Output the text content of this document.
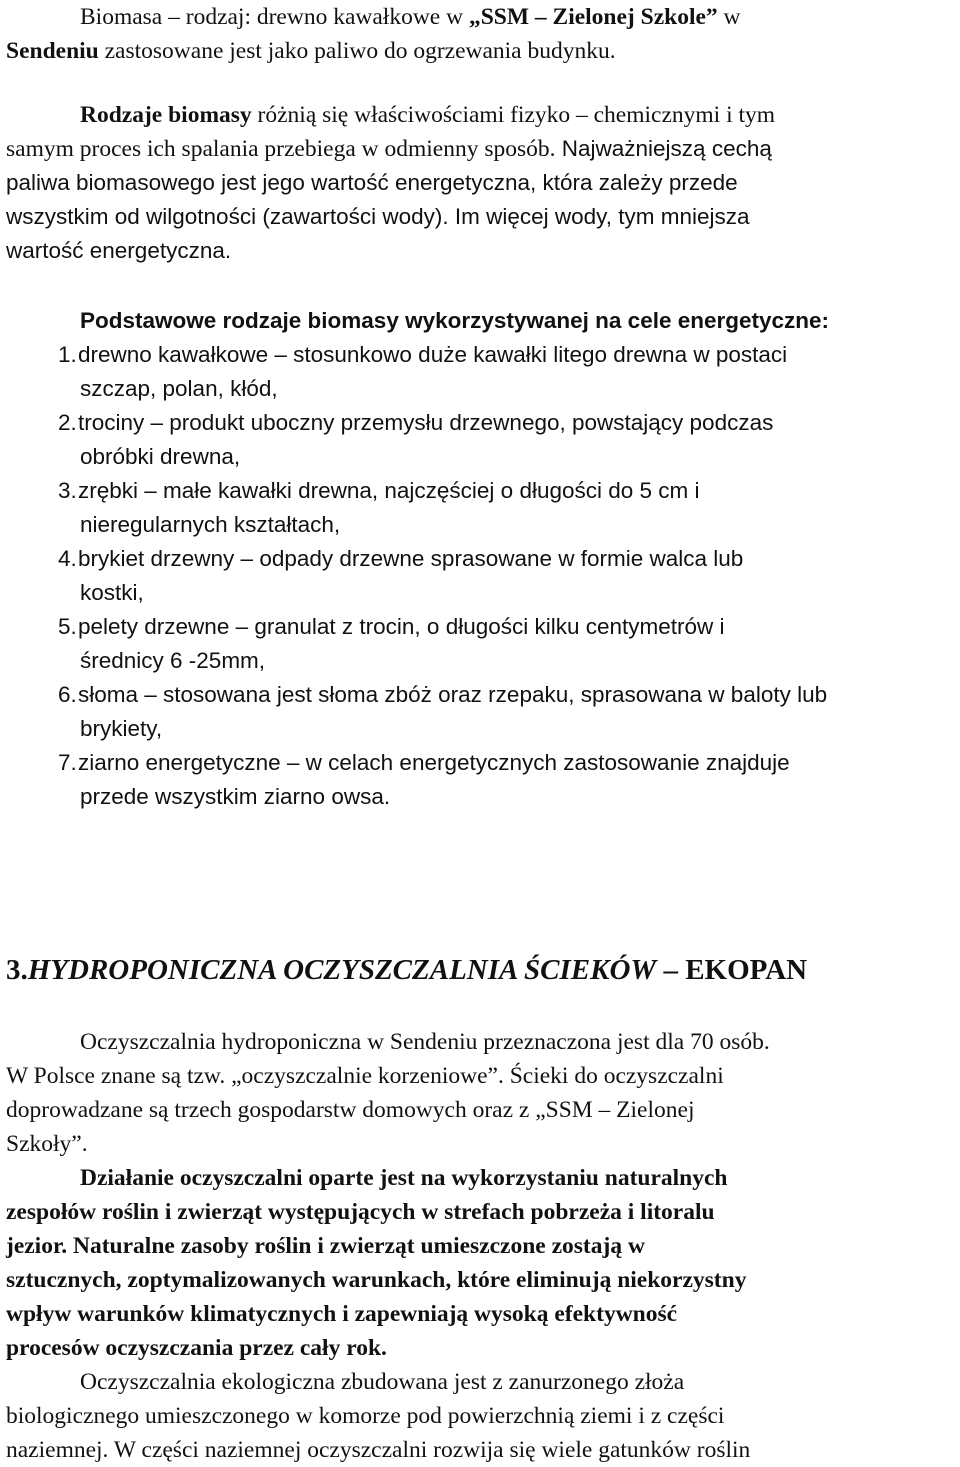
Biomasa – rodzaj: drewno kawałkowe w „SSM – Zielonej Szkole” w
Sendeniu zastosowane jest jako paliwo do ogrzewania budynku.
Rodzaje biomasy różnią się właściwościami fizyko – chemicznymi i tym
samym proces ich spalania przebiega w odmienny sposób. Najważniejszą cechą
paliwa biomasowego jest jego wartość energetyczna, która zależy przede
wszystkim od wilgotności (zawartości wody). Im więcej wody, tym mniejsza
wartość energetyczna.
Podstawowe rodzaje biomasy wykorzystywanej na cele energetyczne:
1.drewno kawałkowe – stosunkowo duże kawałki litego drewna w postaci
szczap, polan, kłód,
2.trociny – produkt uboczny przemysłu drzewnego, powstający podczas
obróbki drewna,
3.zrębki – małe kawałki drewna, najczęściej o długości do 5 cm i
nieregularnych kształtach,
4.brykiet drzewny – odpady drzewne sprasowane w formie walca lub
kostki,
5.pelety drzewne – granulat z trocin, o długości kilku centymetrów i
średnicy 6 -25mm,
6.słoma – stosowana jest słoma zbóż oraz rzepaku, sprasowana w baloty lub
brykiety,
7.ziarno energetyczne – w celach energetycznych zastosowanie znajduje
przede wszystkim ziarno owsa.
3.HYDROPONICZNA OCZYSZCZALNIA ŚCIEKÓW – EKOPAN
Oczyszczalnia hydroponiczna w Sendeniu przeznaczona jest dla 70 osób.
W Polsce znane są tzw. „oczyszczalnie korzeniowe”. Ścieki do oczyszczalni
doprowadzane są trzech gospodarstw domowych oraz z „SSM – Zielonej
Szkoły”.
Działanie oczyszczalni oparte jest na wykorzystaniu naturalnych
zespołów roślin i zwierząt występujących w strefach pobrzeża i litoralu
jezior. Naturalne zasoby roślin i zwierząt umieszczone zostają w
sztucznych, zoptymalizowanych warunkach, które eliminują niekorzystny
wpływ warunków klimatycznych i zapewniają wysoką efektywność
procesów oczyszczania przez cały rok.
Oczyszczalnia ekologiczna zbudowana jest z zanurzonego złoża
biologicznego umieszczonego w komorze pod powierzchnią ziemi i z części
naziemnej. W części naziemnej oczyszczalni rozwija się wiele gatunków roślin
